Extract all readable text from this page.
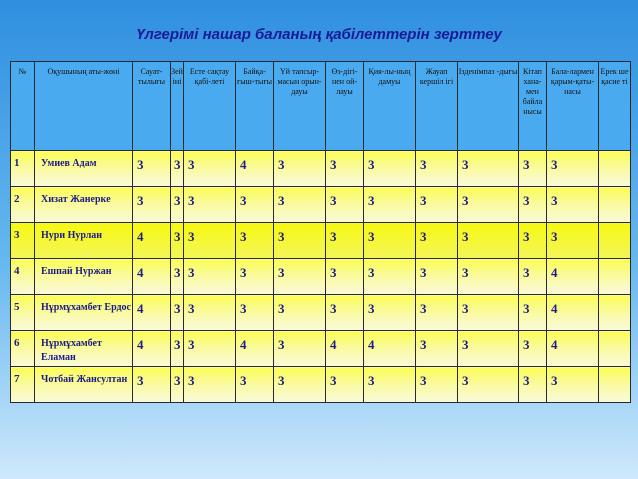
Үлгерімі нашар баланың қабілеттерін зерттеу
№	Оқушының аты-жөні	Сауат-тылығы	Зейіні	Есте сақтау қабі-леті	Байқа-ғыш-тығы	Үй тапсыр-масын орын-дауы	Өз-дігі-нен ой-лауы	Қия-лы-ның дамуы	Жауап кершіл ігі	Ізденімпаз -дығы	Кітап хана-мен байла нысы	Бала-лармен қарым-қаты-насы	Ерек ше қасие ті
1	Умиев Адам	3	3	3	4	3	3	3	3	3	3	3	
2	Хизат Жанерке	3	3	3	3	3	3	3	3	3	3	3	
3	Нури Нурлан	4	3	3	3	3	3	3	3	3	3	3	
4	Ешпай Нуржан	4	3	3	3	3	3	3	3	3	3	4	
5	Нұрмұхамбет Ердос	4	3	3	3	3	3	3	3	3	3	4	
6	Нұрмұхамбет Еламан	4	3	3	4	3	4	4	3	3	3	4	
7	Чотбай Жансултан	3	3	3	3	3	3	3	3	3	3	3	
